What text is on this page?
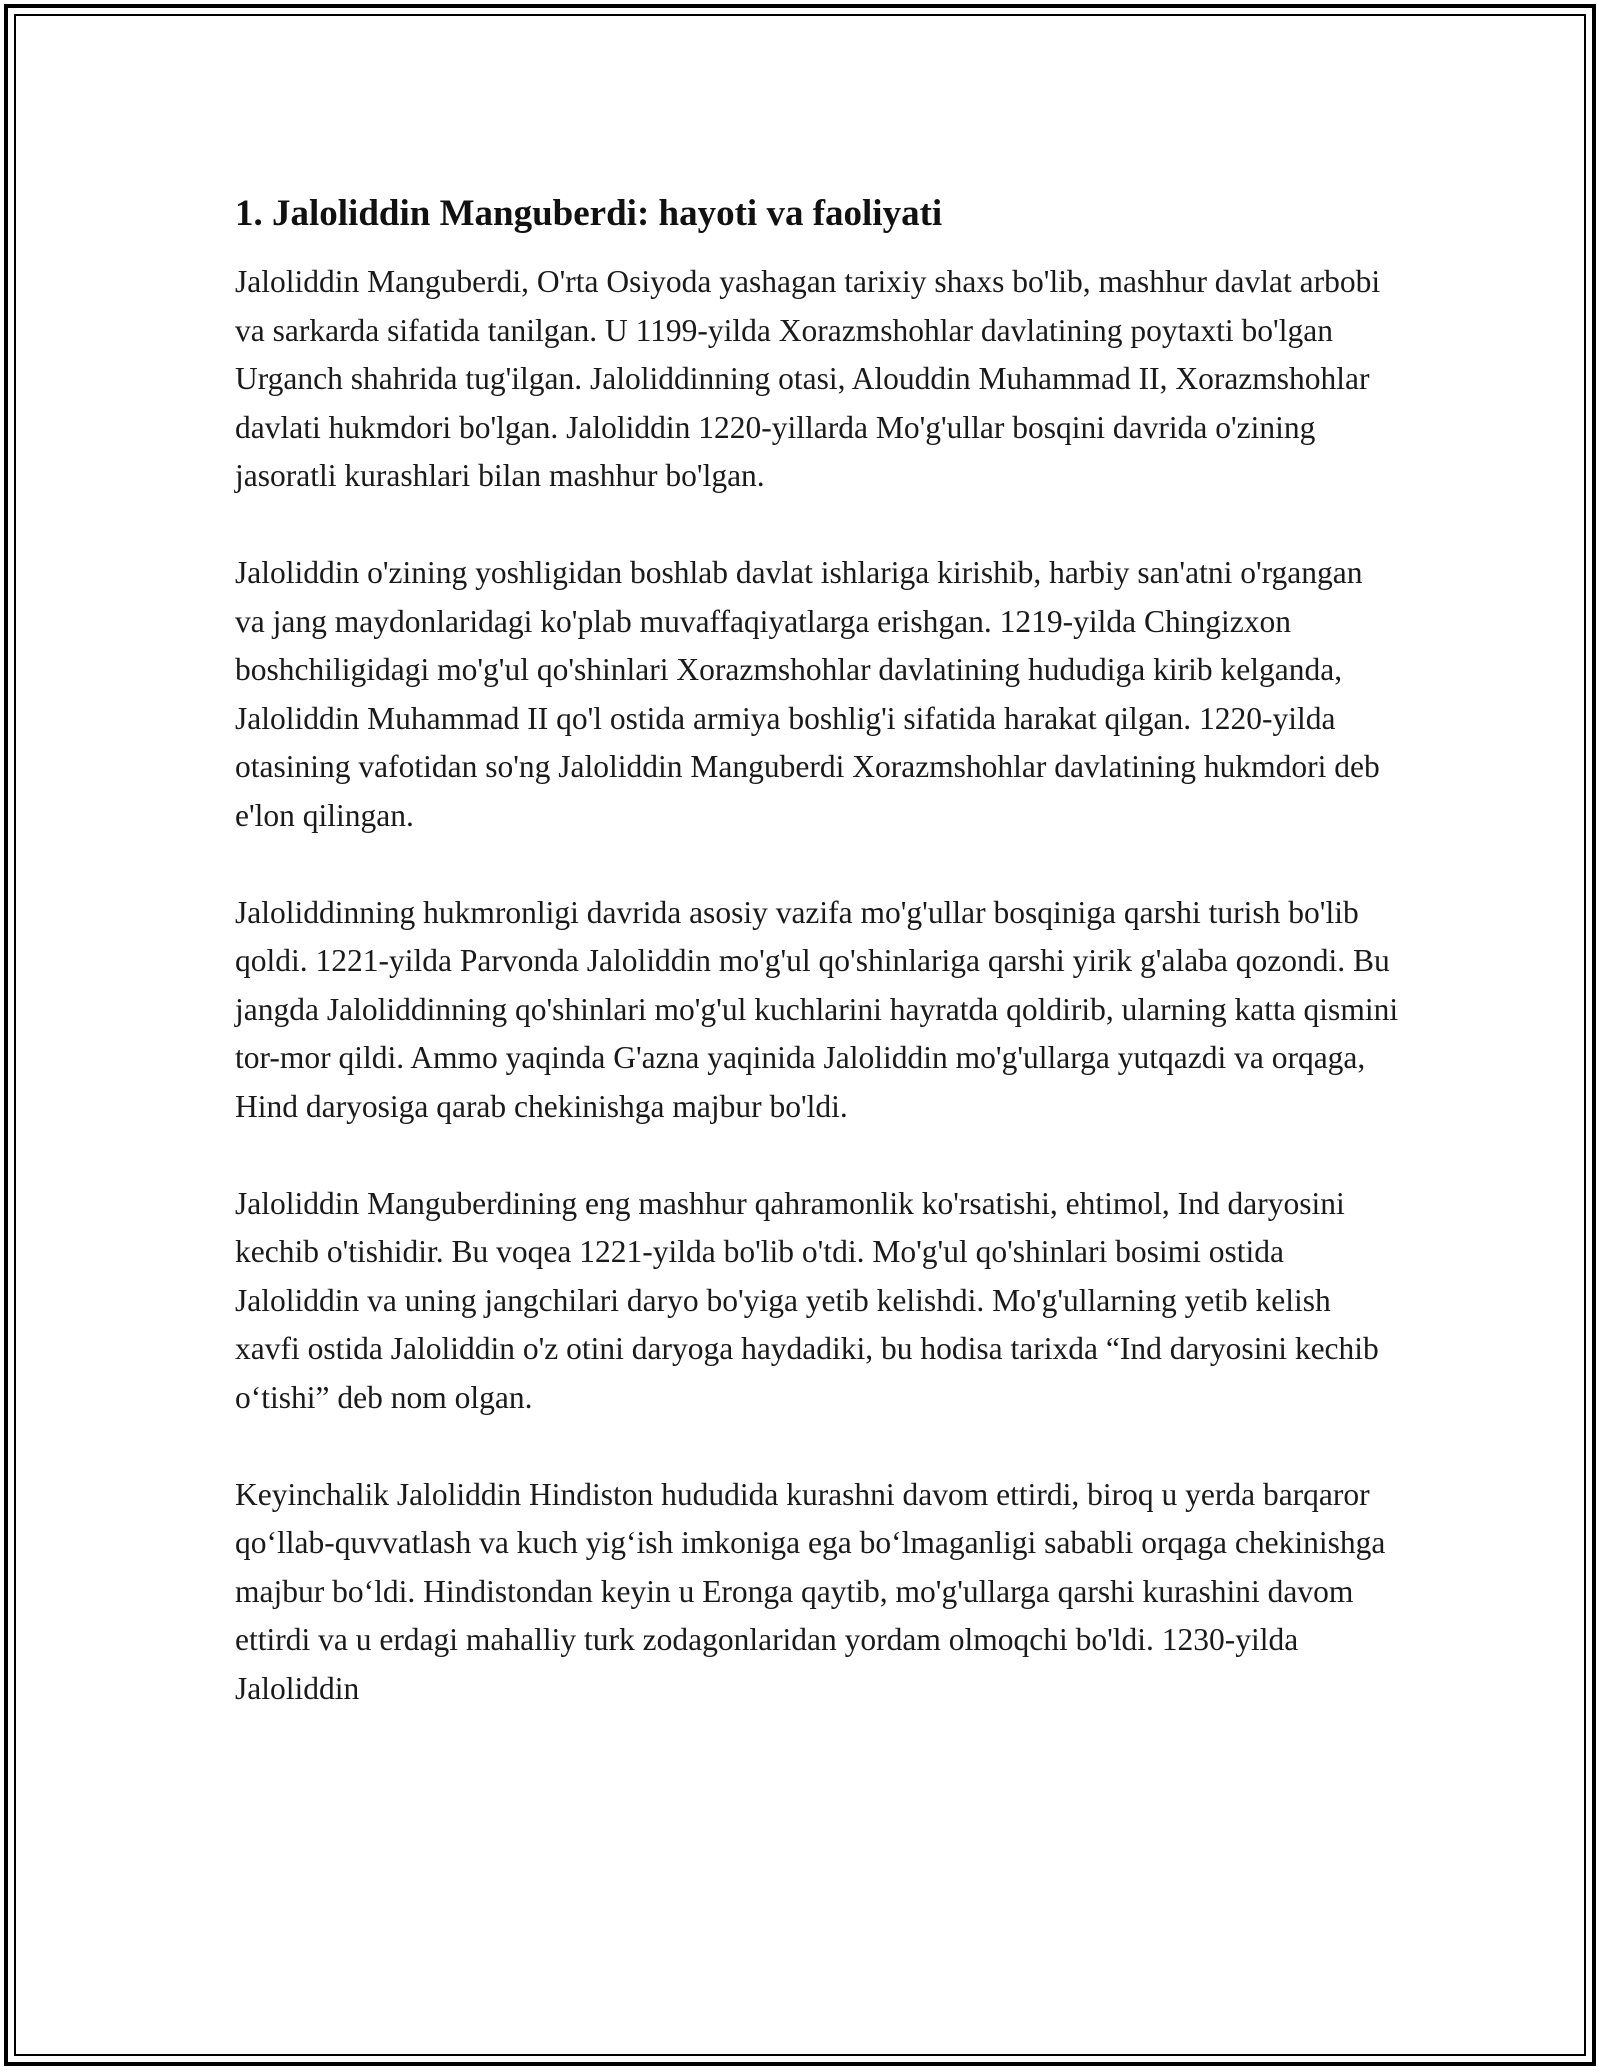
1. Jaloliddin Manguberdi: hayoti va faoliyati

Jaloliddin Manguberdi, O'rta Osiyoda yashagan tarixiy shaxs bo'lib, mashhur davlat arbobi va sarkarda sifatida tanilgan. U 1199-yilda Xorazmshohlar davlatining poytaxti bo'lgan Urganch shahrida tug'ilgan. Jaloliddinning otasi, Alouddin Muhammad II, Xorazmshohlar davlati hukmdori bo'lgan. Jaloliddin 1220-yillarda Mo'g'ullar bosqini davrida o'zining jasoratli kurashlari bilan mashhur bo'lgan.

Jaloliddin o'zining yoshligidan boshlab davlat ishlariga kirishib, harbiy san'atni o'rgangan va jang maydonlaridagi ko'plab muvaffaqiyatlarga erishgan. 1219-yilda Chingizxon boshchiligidagi mo'g'ul qo'shinlari Xorazmshohlar davlatining hududiga kirib kelganda, Jaloliddin Muhammad II qo'l ostida armiya boshlig'i sifatida harakat qilgan. 1220-yilda otasining vafotidan so'ng Jaloliddin Manguberdi Xorazmshohlar davlatining hukmdori deb e'lon qilingan.

Jaloliddinning hukmronligi davrida asosiy vazifa mo'g'ullar bosqiniga qarshi turish bo'lib qoldi. 1221-yilda Parvonda Jaloliddin mo'g'ul qo'shinlariga qarshi yirik g'alaba qozondi. Bu jangda Jaloliddinning qo'shinlari mo'g'ul kuchlarini hayratda qoldirib, ularning katta qismini tor-mor qildi. Ammo yaqinda G'azna yaqinida Jaloliddin mo'g'ullarga yutqazdi va orqaga, Hind daryosiga qarab chekinishga majbur bo'ldi.

Jaloliddin Manguberdining eng mashhur qahramonlik ko'rsatishi, ehtimol, Ind daryosini kechib o'tishidir. Bu voqea 1221-yilda bo'lib o'tdi. Mo'g'ul qo'shinlari bosimi ostida Jaloliddin va uning jangchilari daryo bo'yiga yetib kelishdi. Mo'g'ullarning yetib kelish xavfi ostida Jaloliddin o'z otini daryoga haydadiki, bu hodisa tarixda “Ind daryosini kechib o‘tishi” deb nom olgan.

Keyinchalik Jaloliddin Hindiston hududida kurashni davom ettirdi, biroq u yerda barqaror qo‘llab-quvvatlash va kuch yig‘ish imkoniga ega bo‘lmaganligi sababli orqaga chekinishga majbur bo‘ldi. Hindistondan keyin u Eronga qaytib, mo'g'ullarga qarshi kurashini davom ettirdi va u erdagi mahalliy turk zodagonlaridan yordam olmoqchi bo'ldi. 1230-yilda Jaloliddin
